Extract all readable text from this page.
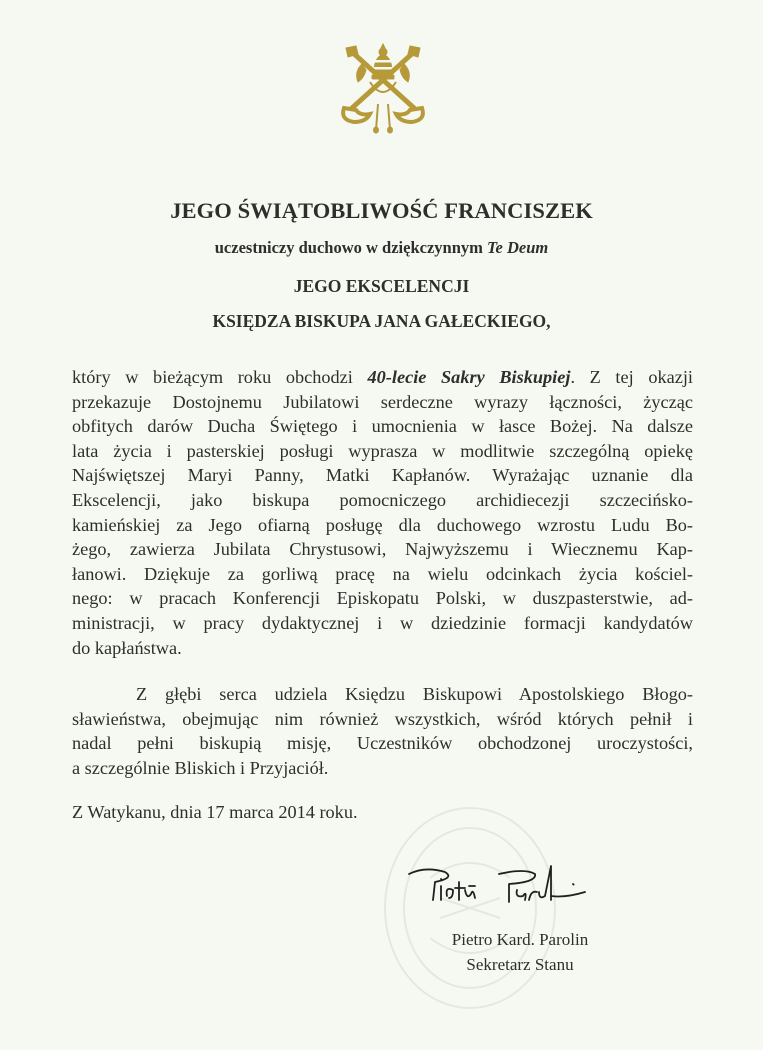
JEGO ŚWIĄTOBLIWOŚĆ FRANCISZEK
uczestniczy duchowo w dziękczynnym Te Deum
JEGO EKSCELENCJI
KSIĘDZA BISKUPA JANA GAŁECKIEGO,
który w bieżącym roku obchodzi 40-lecie Sakry Biskupiej. Z tej okazji
przekazuje Dostojnemu Jubilatowi serdeczne wyrazy łączności, życząc
obfitych darów Ducha Świętego i umocnienia w łasce Bożej. Na dalsze
lata życia i pasterskiej posługi wyprasza w modlitwie szczególną opiekę
Najświętszej Maryi Panny, Matki Kapłanów. Wyrażając uznanie dla
Ekscelencji, jako biskupa pomocniczego archidiecezji szczecińsko-
kamieńskiej za Jego ofiarną posługę dla duchowego wzrostu Ludu Bo-
żego, zawierza Jubilata Chrystusowi, Najwyższemu i Wiecznemu Kap-
łanowi. Dziękuje za gorliwą pracę na wielu odcinkach życia kościel-
nego: w pracach Konferencji Episkopatu Polski, w duszpasterstwie, ad-
ministracji, w pracy dydaktycznej i w dziedzinie formacji kandydatów
do kapłaństwa.
Z głębi serca udziela Księdzu Biskupowi Apostolskiego Błogo-
sławieństwa, obejmując nim również wszystkich, wśród których pełnił i
nadal pełni biskupią misję, Uczestników obchodzonej uroczystości,
a szczególnie Bliskich i Przyjaciół.
Z Watykanu, dnia 17 marca 2014 roku.
Pietro Kard. Parolin
Sekretarz Stanu
